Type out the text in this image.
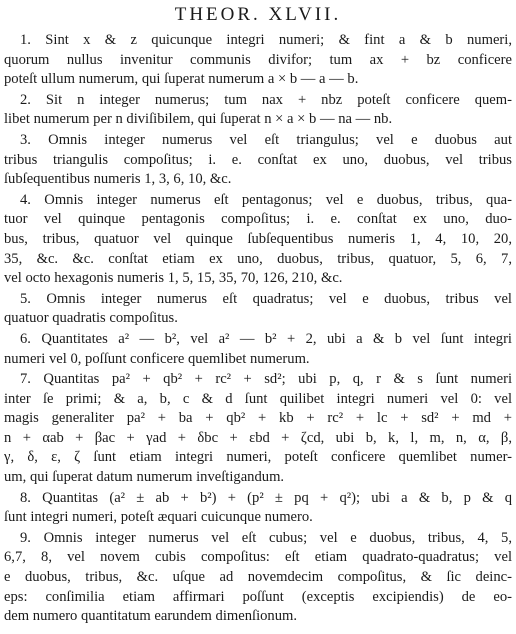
THEOR. XLVII.
1. Sint x & z quicunque integri numeri; & fint a & b numeri,
quorum nullus invenitur communis divifor; tum ax + bz conficere
poteſt ullum numerum, qui ſuperat numerum a × b — a — b.
2. Sit n integer numerus; tum nax + nbz poteſt conficere quem-
libet numerum per n diviſibilem, qui ſuperat n × a × b — na — nb.
3. Omnis integer numerus vel eſt triangulus; vel e duobus aut
tribus triangulis compoſitus; i. e. conſtat ex uno, duobus, vel tribus
ſubſequentibus numeris 1, 3, 6, 10, &c.
4. Omnis integer numerus eſt pentagonus; vel e duobus, tribus, qua-
tuor vel quinque pentagonis compoſitus; i. e. conſtat ex uno, duo-
bus, tribus, quatuor vel quinque ſubſequentibus numeris 1, 4, 10, 20,
35, &c. &c. conſtat etiam ex uno, duobus, tribus, quatuor, 5, 6, 7,
vel octo hexagonis numeris 1, 5, 15, 35, 70, 126, 210, &c.
5. Omnis integer numerus eſt quadratus; vel e duobus, tribus vel
quatuor quadratis compoſitus.
6. Quantitates a² — b², vel a² — b² + 2, ubi a & b vel ſunt integri
numeri vel 0, poſſunt conficere quemlibet numerum.
7. Quantitas pa² + qb² + rc² + sd²; ubi p, q, r & s ſunt numeri
inter ſe primi; & a, b, c & d ſunt quilibet integri numeri vel 0: vel
magis generaliter pa² + ba + qb² + kb + rc² + lc + sd² + md +
n + αab + βac + γad + δbc + εbd + ζcd, ubi b, k, l, m, n, α, β,
γ, δ, ε, ζ ſunt etiam integri numeri, poteſt conficere quemlibet numer-
um, qui ſuperat datum numerum inveſtigandum.
8. Quantitas (a² ± ab + b²) + (p² ± pq + q²); ubi a & b, p & q
ſunt integri numeri, poteſt æquari cuicunque numero.
9. Omnis integer numerus vel eſt cubus; vel e duobus, tribus, 4, 5,
6,7, 8, vel novem cubis compoſitus: eſt etiam quadrato-quadratus; vel
e duobus, tribus, &c. uſque ad novemdecim compoſitus, & ſic deinc-
eps: conſimilia etiam affirmari poſſunt (exceptis excipiendis) de eo-
dem numero quantitatum earundem dimenſionum.
